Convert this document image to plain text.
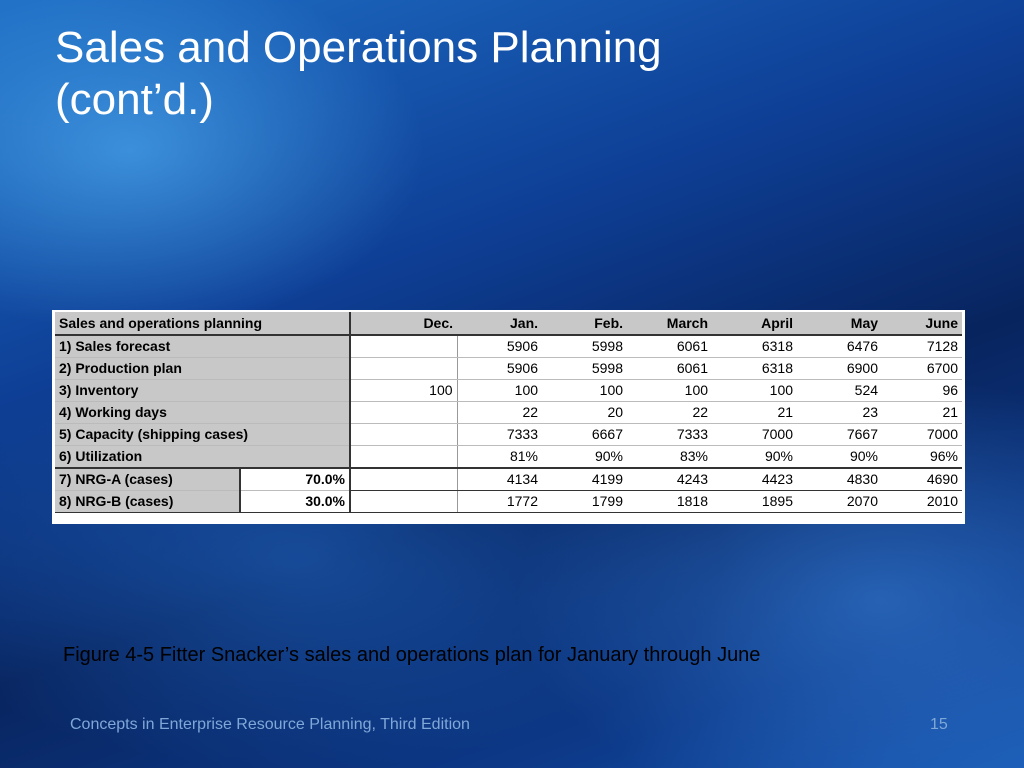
Sales and Operations Planning
(cont’d.)
Sales and operations planning		Dec.	Jan.	Feb.	March	April	May	June
1) Sales forecast			5906	5998	6061	6318	6476	7128
2) Production plan			5906	5998	6061	6318	6900	6700
3) Inventory		100	100	100	100	100	524	96
4) Working days			22	20	22	21	23	21
5) Capacity (shipping cases)			7333	6667	7333	7000	7667	7000
6) Utilization			81%	90%	83%	90%	90%	96%
7) NRG-A (cases)	70.0%		4134	4199	4243	4423	4830	4690
8) NRG-B (cases)	30.0%		1772	1799	1818	1895	2070	2010
Figure 4-5 Fitter Snacker’s sales and operations plan for January through June
Concepts in Enterprise Resource Planning, Third Edition	15
